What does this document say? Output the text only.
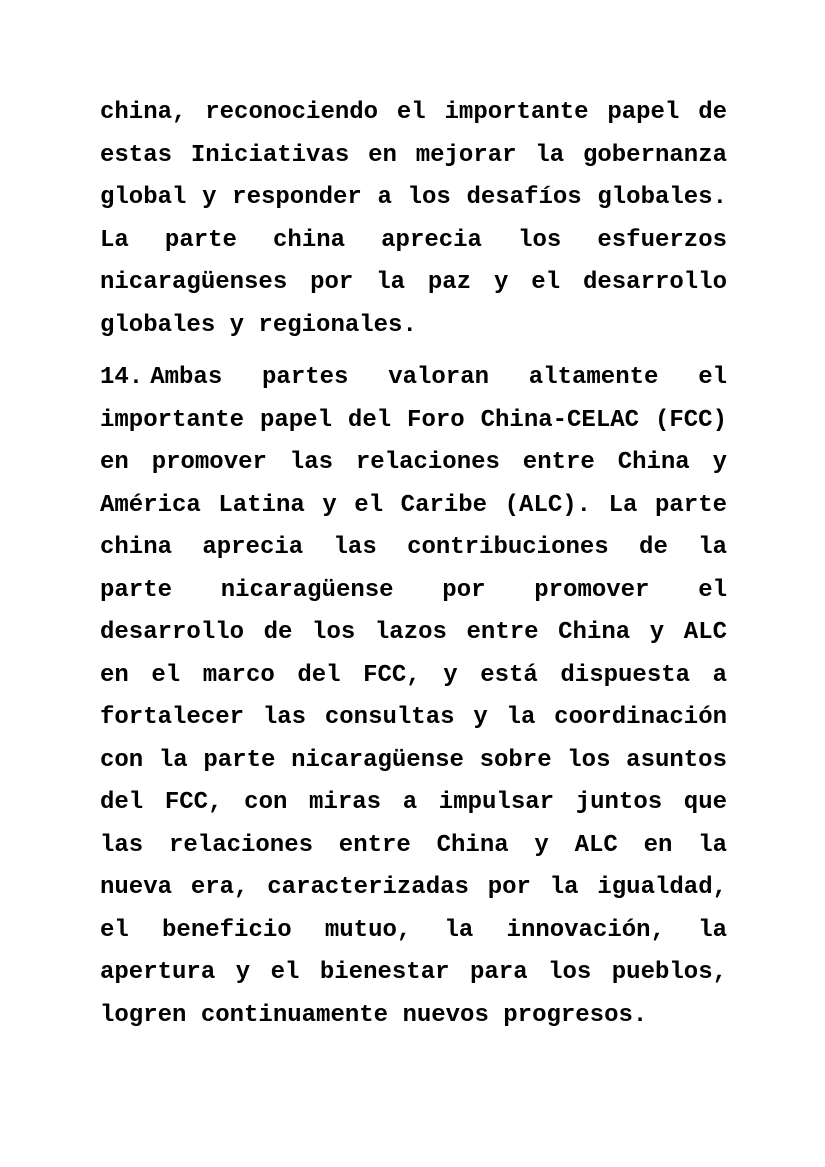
china, reconociendo el importante papel de
estas Iniciativas en mejorar la gobernanza
global y responder a los desafíos globales.
La parte china aprecia los esfuerzos
nicaragüenses por la paz y el desarrollo
globales y regionales.
14. Ambas partes valoran altamente el
importante papel del Foro China-CELAC (FCC)
en promover las relaciones entre China y
América Latina y el Caribe (ALC). La parte
china aprecia las contribuciones de la
parte nicaragüense por promover el
desarrollo de los lazos entre China y ALC
en el marco del FCC, y está dispuesta a
fortalecer las consultas y la coordinación
con la parte nicaragüense sobre los asuntos
del FCC, con miras a impulsar juntos que
las relaciones entre China y ALC en la
nueva era, caracterizadas por la igualdad,
el beneficio mutuo, la innovación, la
apertura y el bienestar para los pueblos,
logren continuamente nuevos progresos.
